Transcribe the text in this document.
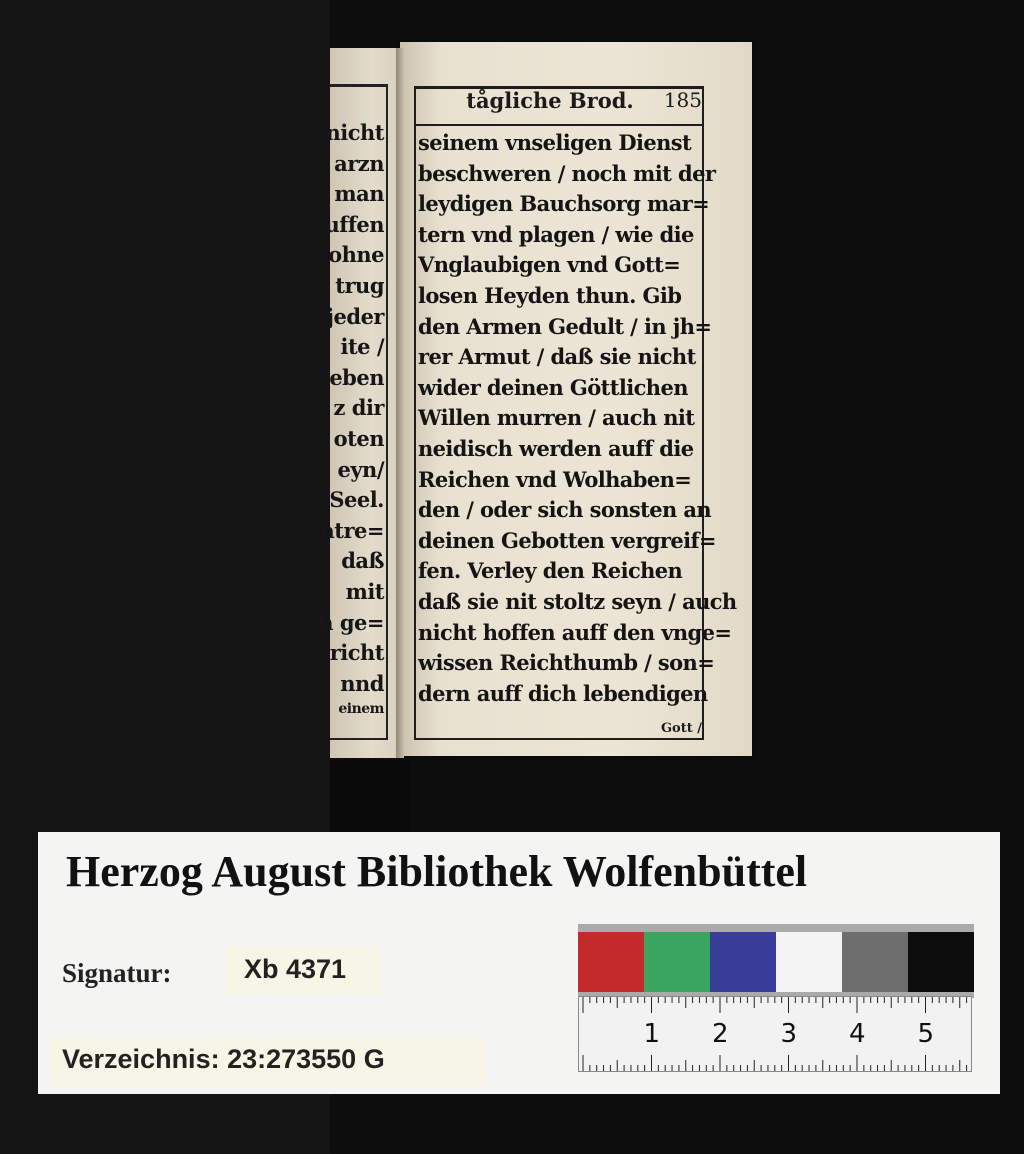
nicht
arzn
man
uffen
ohne
trug
jeder
ite /
eben
z dir
oten
eyn/
Seel.
atre=
daß
mit
h ge=
richt
nnd
einem
tågliche Brod.	185
seinem vnseligen Dienst
beschweren / noch mit der
leydigen Bauchsorg mar=
tern vnd plagen / wie die
Vnglaubigen vnd Gott=
losen Heyden thun. Gib
den Armen Gedult / in jh=
rer Armut / daß sie nicht
wider deinen Göttlichen
Willen murren / auch nit
neidisch werden auff die
Reichen vnd Wolhaben=
den / oder sich sonsten an
deinen Gebotten vergreif=
fen. Verley den Reichen
daß sie nit stoltz seyn / auch
nicht hoffen auff den vnge=
wissen Reichthumb / son=
dern auff dich lebendigen
Gott /
Herzog August Bibliothek Wolfenbüttel
Signatur:	Xb 4371
Verzeichnis: 23:273550 G
1 2 3 4 5
